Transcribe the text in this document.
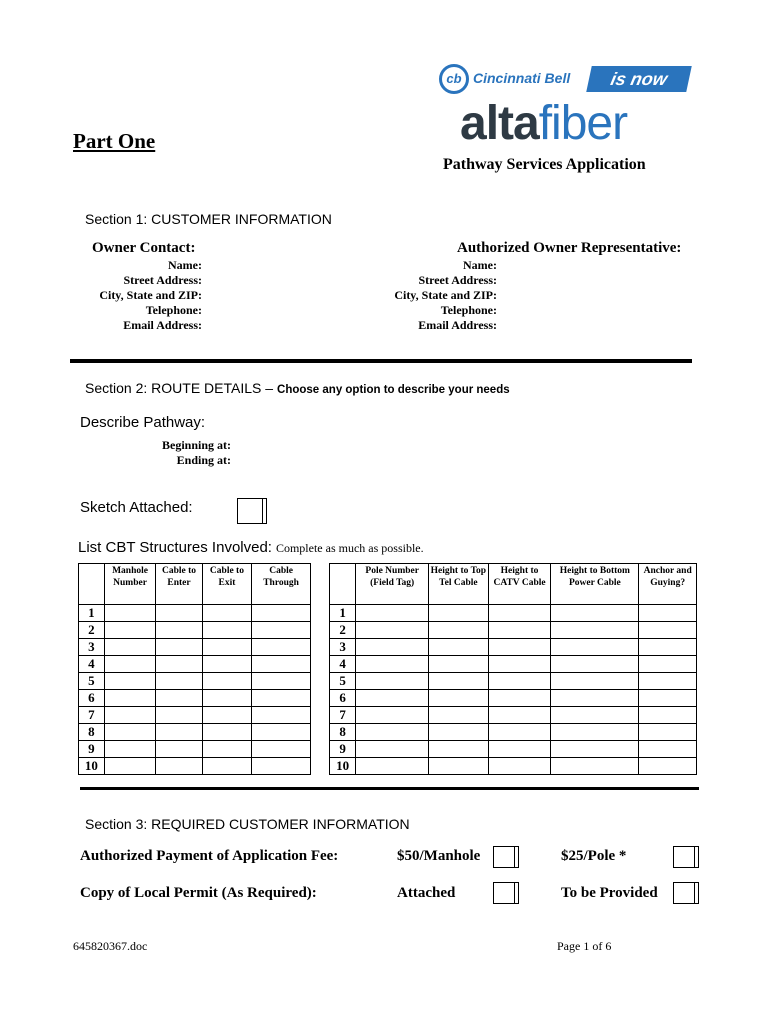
cb Cincinnati Bell	is now
altafiber
Part One
Pathway Services Application
Section 1: CUSTOMER INFORMATION
Owner Contact:	Authorized Owner Representative:
Name:
Street Address:
City, State and ZIP:
Telephone:
Email Address:
Name:
Street Address:
City, State and ZIP:
Telephone:
Email Address:
Section 2: ROUTE DETAILS – Choose any option to describe your needs
Describe Pathway:
Beginning at:
Ending at:
Sketch Attached:
List CBT Structures Involved: Complete as much as possible.
	Manhole Number	Cable to Enter	Cable to Exit	Cable Through
1				
2				
3				
4				
5				
6				
7				
8				
9				
10				
	Pole Number (Field Tag)	Height to Top Tel Cable	Height to CATV Cable	Height to Bottom Power Cable	Anchor and Guying?
1					
2					
3					
4					
5					
6					
7					
8					
9					
10					
Section 3: REQUIRED CUSTOMER INFORMATION
Authorized Payment of Application Fee:	$50/Manhole	$25/Pole *
Copy of Local Permit (As Required):	Attached	To be Provided
645820367.doc	Page 1 of 6
